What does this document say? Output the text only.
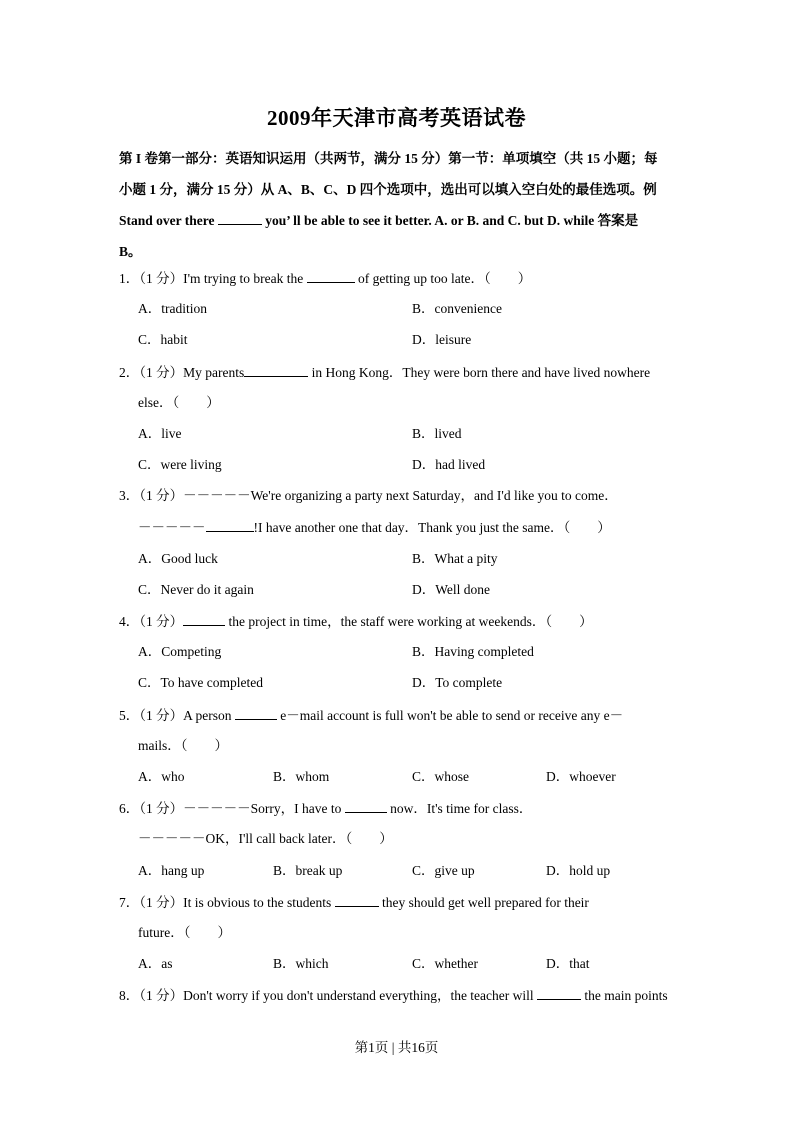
2009年天津市高考英语试卷
第 I 卷第一部分：英语知识运用（共两节，满分 15 分）第一节：单项填空（共 15 小题；每
小题 1 分，满分 15 分）从 A、B、C、D 四个选项中，选出可以填入空白处的最佳选项。例
Stand over there	you’ ll be able to see it better. A. or B. and C. but D. while 答案是
B。
1．（1 分）I'm trying to break the	of getting up too late．（　　）
A．tradition	B．convenience
C．habit	D．leisure
2．（1 分）My parents	in Hong Kong．They were born there and have lived nowhere
else．（　　）
A．live	B．lived
C．were living	D．had lived
3．（1 分）－－－－－We're organizing a party next Saturday，and I'd like you to come．
－－－－－	!I have another one that day．Thank you just the same．（　　）
A．Good luck	B．What a pity
C．Never do it again	D．Well done
4．（1 分）	the project in time，the staff were working at weekends．（　　）
A．Competing	B．Having completed
C．To have completed	D．To complete
5．（1 分）A person	e－mail account is full won't be able to send or receive any e－
mails．（　　）
A．who	B．whom	C．whose	D．whoever
6．（1 分）－－－－－Sorry，I have to	now．It's time for class．
－－－－－OK，I'll call back later．（　　）
A．hang up	B．break up	C．give up	D．hold up
7．（1 分）It is obvious to the students	they should get well prepared for their
future．（　　）
A．as	B．which	C．whether	D．that
8．（1 分）Don't worry if you don't understand everything，the teacher will	the main points
第1页 | 共16页
